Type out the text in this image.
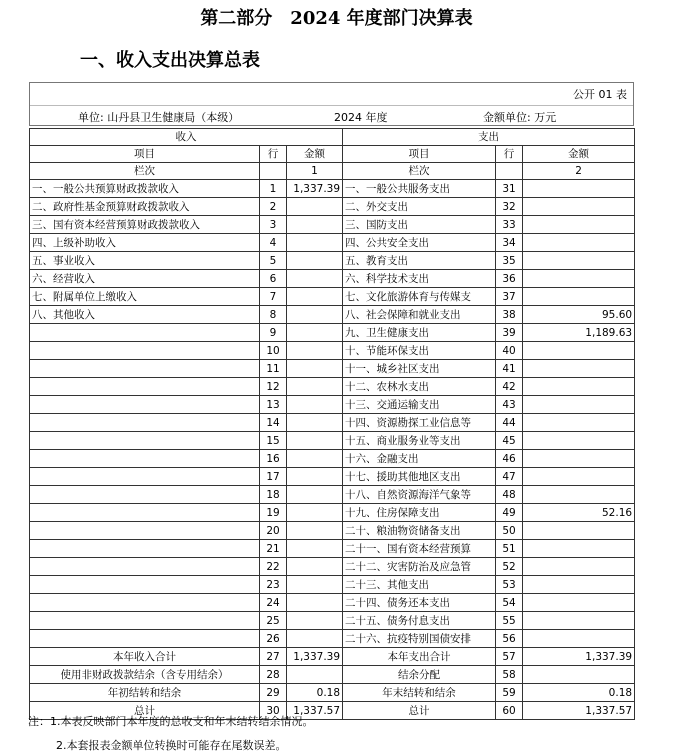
第二部分　2024 年度部门决算表
一、收入支出决算总表
公开 01 表
单位: 山丹县卫生健康局（本级）	2024 年度	金额单位: 万元
收入			支出		
项目	行	金额	项目	行	金额
栏次		1	栏次		2
一、一般公共预算财政拨款收入	1	1,337.39	一、一般公共服务支出	31	
二、政府性基金预算财政拨款收入	2		二、外交支出	32	
三、国有资本经营预算财政拨款收入	3		三、国防支出	33	
四、上级补助收入	4		四、公共安全支出	34	
五、事业收入	5		五、教育支出	35	
六、经营收入	6		六、科学技术支出	36	
七、附属单位上缴收入	7		七、文化旅游体育与传媒支	37	
八、其他收入	8		八、社会保障和就业支出	38	95.60
	9		九、卫生健康支出	39	1,189.63
	10		十、节能环保支出	40	
	11		十一、城乡社区支出	41	
	12		十二、农林水支出	42	
	13		十三、交通运输支出	43	
	14		十四、资源勘探工业信息等	44	
	15		十五、商业服务业等支出	45	
	16		十六、金融支出	46	
	17		十七、援助其他地区支出	47	
	18		十八、自然资源海洋气象等	48	
	19		十九、住房保障支出	49	52.16
	20		二十、粮油物资储备支出	50	
	21		二十一、国有资本经营预算	51	
	22		二十二、灾害防治及应急管	52	
	23		二十三、其他支出	53	
	24		二十四、债务还本支出	54	
	25		二十五、债务付息支出	55	
	26		二十六、抗疫特别国债安排	56	
本年收入合计	27	1,337.39	本年支出合计	57	1,337.39
使用非财政拨款结余（含专用结余）	28		结余分配	58	
年初结转和结余	29	0.18	年末结转和结余	59	0.18
总计	30	1,337.57	总计	60	1,337.57
注：1.本表反映部门本年度的总收支和年末结转结余情况。
2.本套报表金额单位转换时可能存在尾数误差。
